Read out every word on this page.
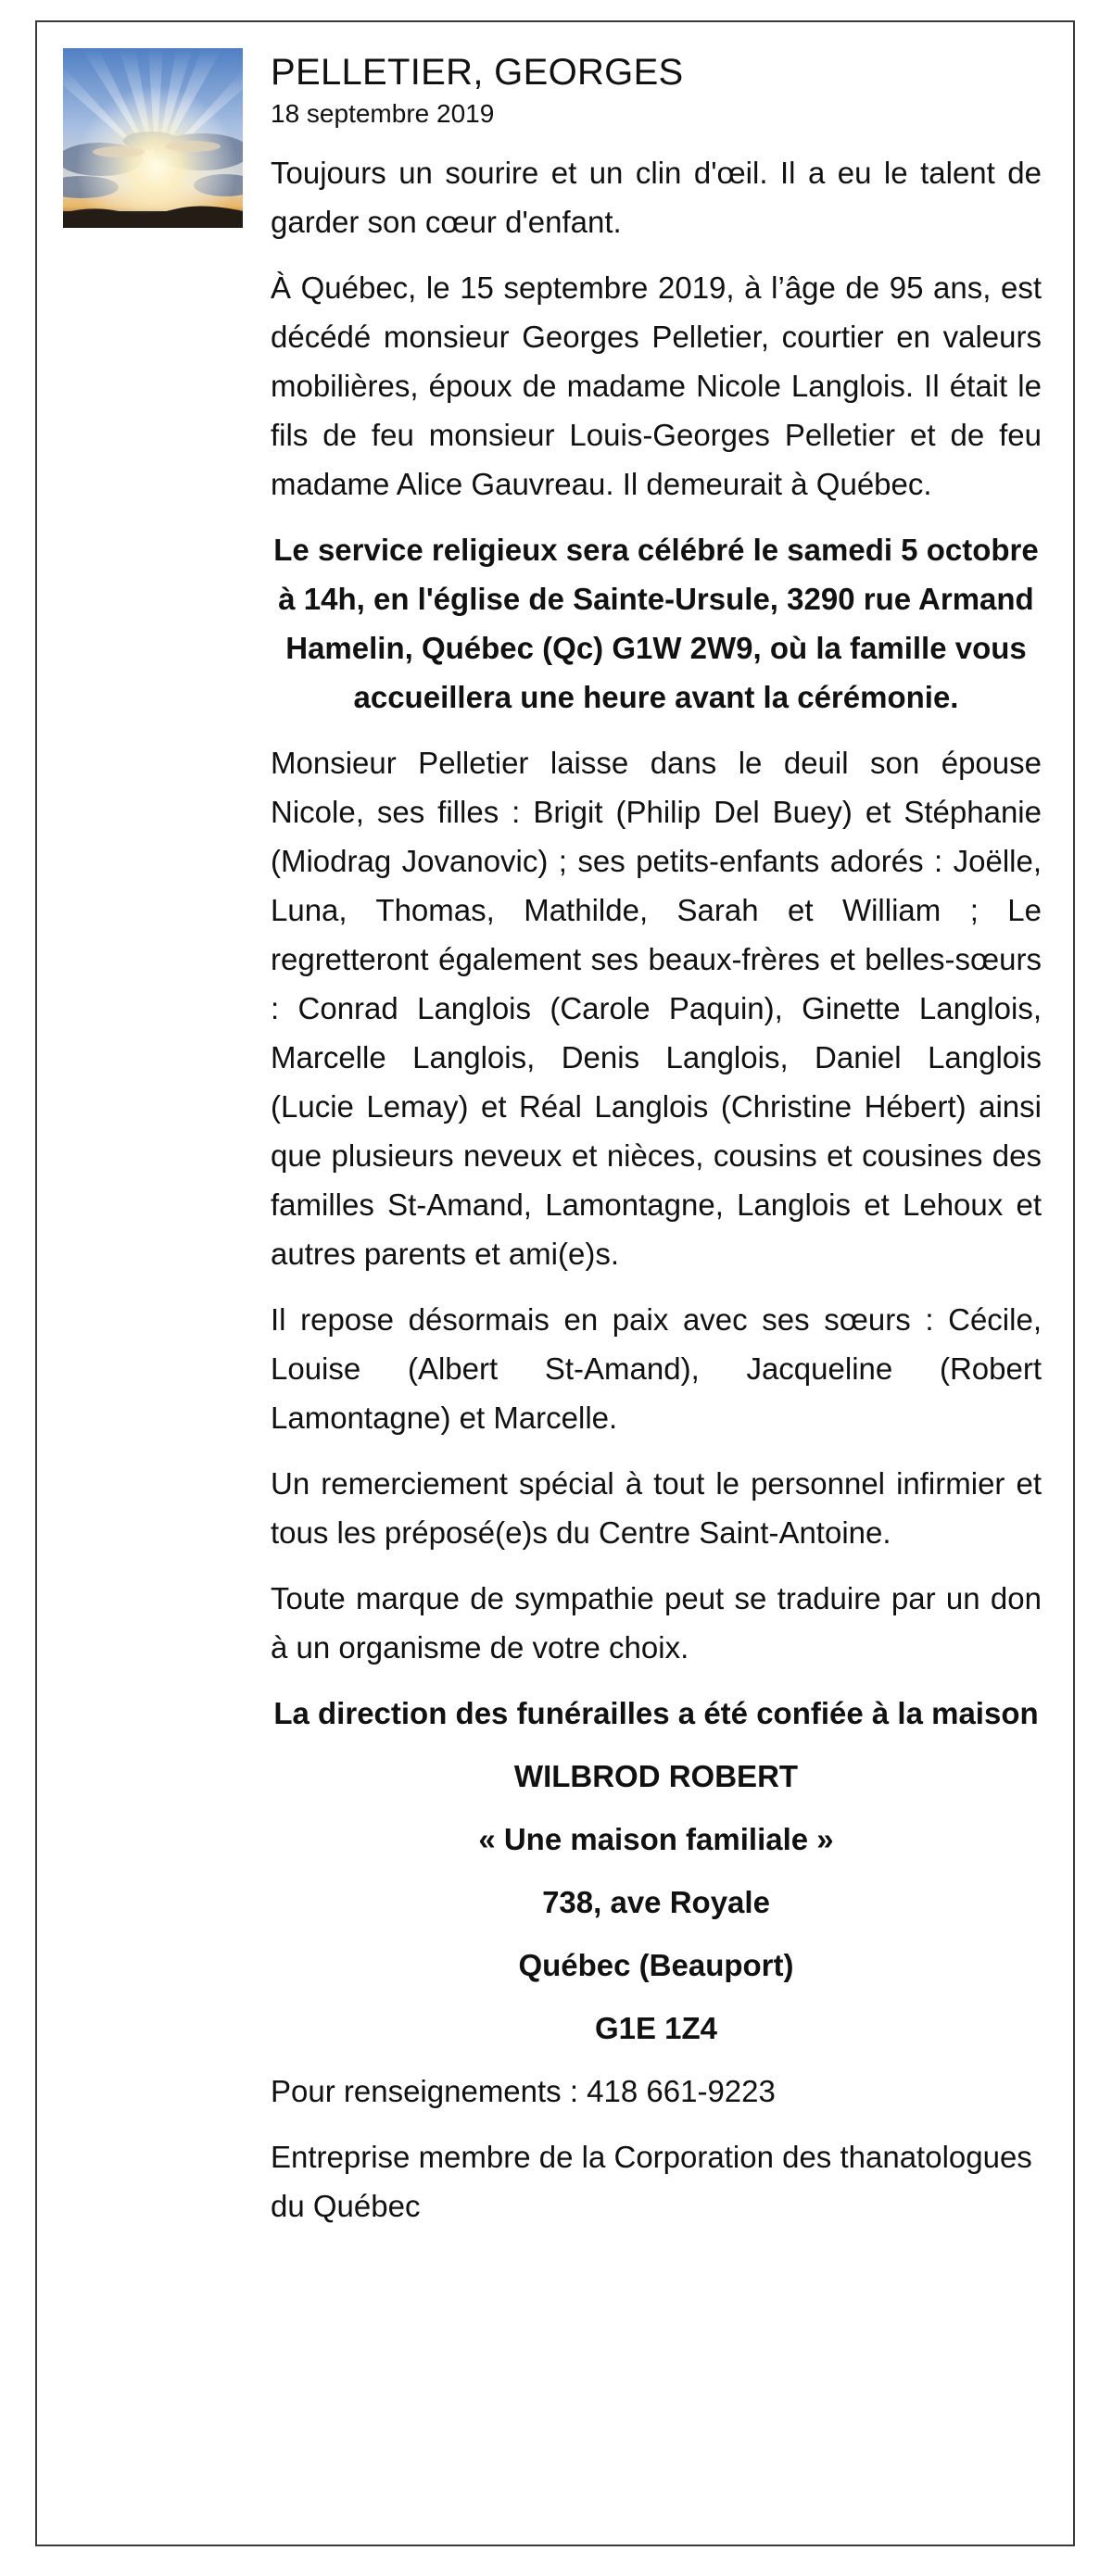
PELLETIER, GEORGES
18 septembre 2019

Toujours un sourire et un clin d'œil. Il a eu le talent de garder son cœur d'enfant.

À Québec, le 15 septembre 2019, à l’âge de 95 ans, est décédé monsieur Georges Pelletier, courtier en valeurs mobilières, époux de madame Nicole Langlois. Il était le fils de feu monsieur Louis-Georges Pelletier et de feu madame Alice Gauvreau. Il demeurait à Québec.

Le service religieux sera célébré le samedi 5 octobre à 14h, en l'église de Sainte-Ursule, 3290 rue Armand Hamelin, Québec (Qc) G1W 2W9, où la famille vous accueillera une heure avant la cérémonie.

Monsieur Pelletier laisse dans le deuil son épouse Nicole, ses filles : Brigit (Philip Del Buey) et Stéphanie (Miodrag Jovanovic) ; ses petits-enfants adorés : Joëlle, Luna, Thomas, Mathilde, Sarah et William ; Le regretteront également ses beaux-frères et belles-sœurs : Conrad Langlois (Carole Paquin), Ginette Langlois, Marcelle Langlois, Denis Langlois, Daniel Langlois (Lucie Lemay) et Réal Langlois (Christine Hébert) ainsi que plusieurs neveux et nièces, cousins et cousines des familles St-Amand, Lamontagne, Langlois et Lehoux et autres parents et ami(e)s.

Il repose désormais en paix avec ses sœurs : Cécile, Louise (Albert St-Amand), Jacqueline (Robert Lamontagne) et Marcelle.

Un remerciement spécial à tout le personnel infirmier et tous les préposé(e)s du Centre Saint-Antoine.

Toute marque de sympathie peut se traduire par un don à un organisme de votre choix.

La direction des funérailles a été confiée à la maison

WILBROD ROBERT

« Une maison familiale »

738, ave Royale

Québec (Beauport)

G1E 1Z4

Pour renseignements : 418 661-9223

Entreprise membre de la Corporation des thanatologues du Québec
